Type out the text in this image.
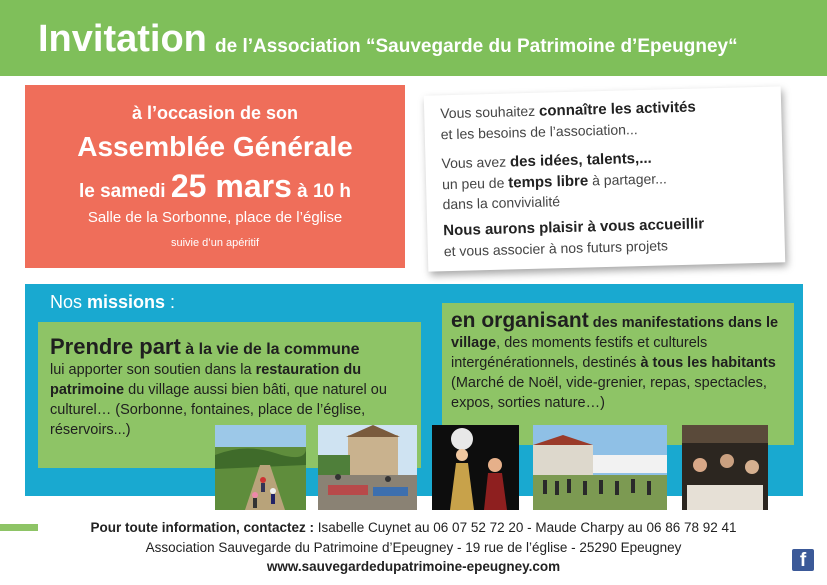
Invitation de l’Association “Sauvegarde du Patrimoine d’Epeugney“
à l’occasion de son
Assemblée Générale
le samedi 25 mars à 10 h
Salle de la Sorbonne, place de l’église
suivie d’un apéritif

Vous souhaitez connaître les activités

et les besoins de l’association...

Vous avez des idées, talents,...

un peu de temps libre à partager...

dans la convivialité

Nous aurons plaisir à vous accueillir

et vous associer à nos futurs projets

Nos missions :
Prendre part à la vie de la commune
lui apporter son soutien dans la restauration du patrimoine du village aussi bien bâti, que naturel ou culturel… (Sorbonne, fontaines, place de l’église, réservoirs...)
en organisant des manifestations dans le village, des moments festifs et culturels intergénérationnels, destinés à tous les habitants (Marché de Noël, vide-grenier, repas, spectacles, expos, sorties nature…)
Pour toute information, contactez : Isabelle Cuynet au 06 07 52 72 20 - Maude Charpy au 06 86 78 92 41
Association Sauvegarde du Patrimoine d’Epeugney - 19 rue de l’église - 25290 Epeugney
www.sauvegardedupatrimoine-epeugney.com	f
